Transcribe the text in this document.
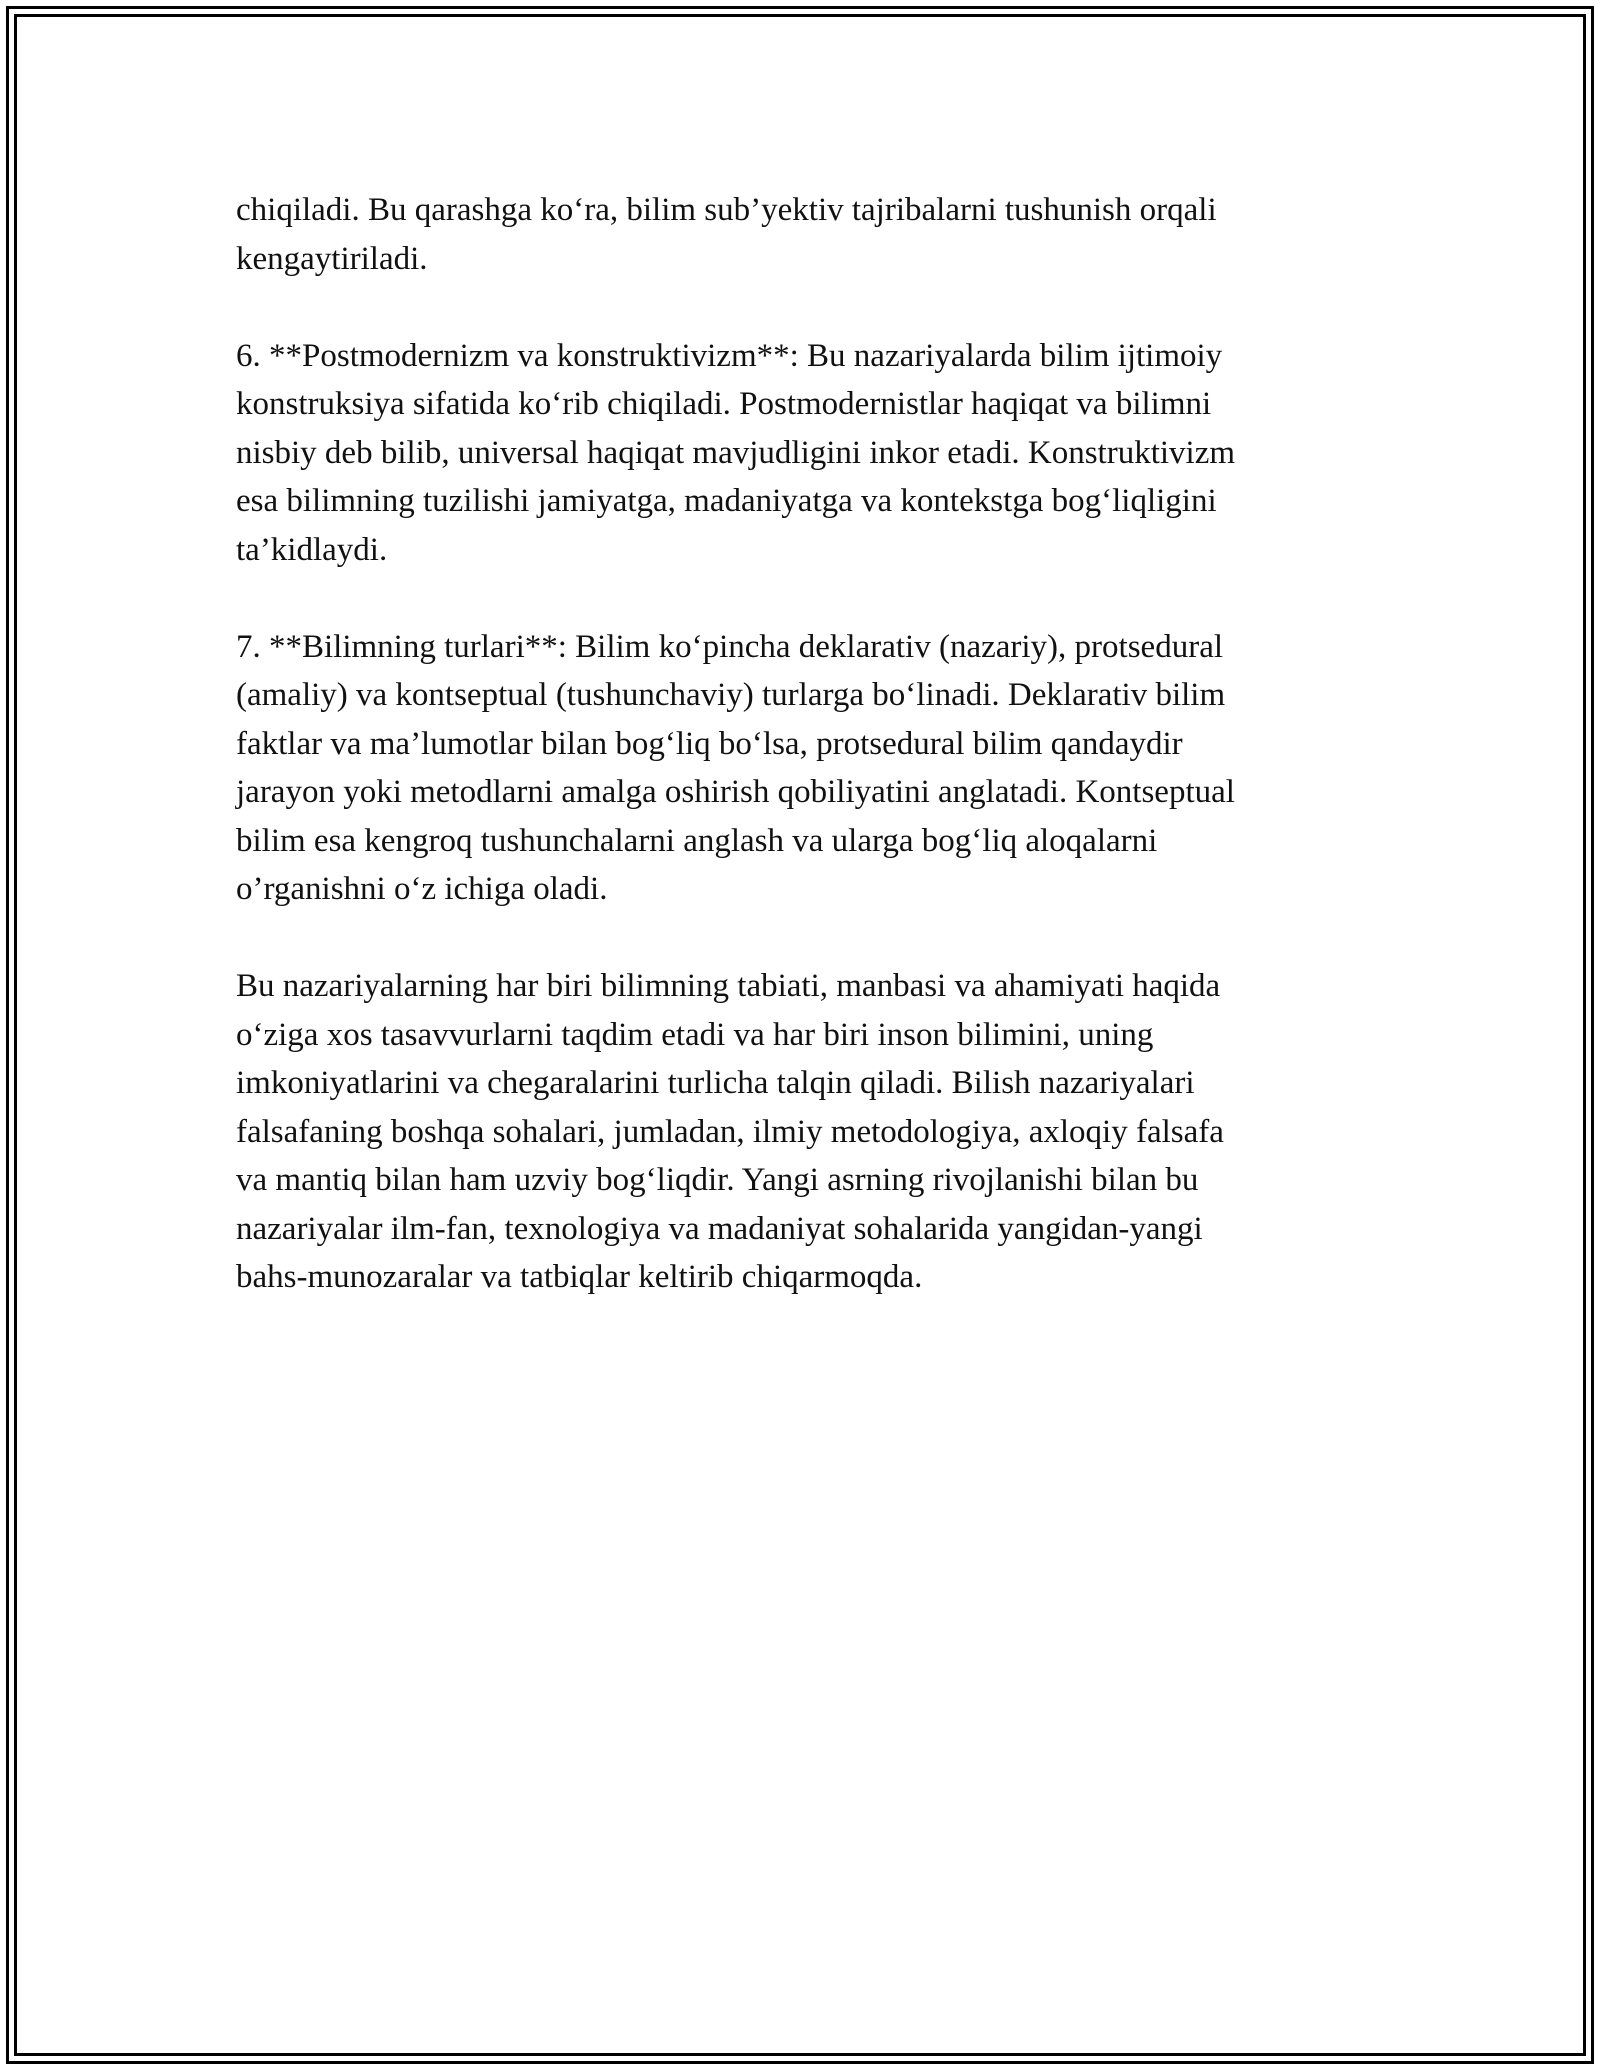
chiqiladi. Bu qarashga ko‘ra, bilim sub’yektiv tajribalarni tushunish orqali
kengaytiriladi.

6. **Postmodernizm va konstruktivizm**: Bu nazariyalarda bilim ijtimoiy
konstruksiya sifatida ko‘rib chiqiladi. Postmodernistlar haqiqat va bilimni
nisbiy deb bilib, universal haqiqat mavjudligini inkor etadi. Konstruktivizm
esa bilimning tuzilishi jamiyatga, madaniyatga va kontekstga bog‘liqligini
ta’kidlaydi.

7. **Bilimning turlari**: Bilim ko‘pincha deklarativ (nazariy), protsedural
(amaliy) va kontseptual (tushunchaviy) turlarga bo‘linadi. Deklarativ bilim
faktlar va ma’lumotlar bilan bog‘liq bo‘lsa, protsedural bilim qandaydir
jarayon yoki metodlarni amalga oshirish qobiliyatini anglatadi. Kontseptual
bilim esa kengroq tushunchalarni anglash va ularga bog‘liq aloqalarni
o’rganishni o‘z ichiga oladi.

Bu nazariyalarning har biri bilimning tabiati, manbasi va ahamiyati haqida
o‘ziga xos tasavvurlarni taqdim etadi va har biri inson bilimini, uning
imkoniyatlarini va chegaralarini turlicha talqin qiladi. Bilish nazariyalari
falsafaning boshqa sohalari, jumladan, ilmiy metodologiya, axloqiy falsafa
va mantiq bilan ham uzviy bog‘liqdir. Yangi asrning rivojlanishi bilan bu
nazariyalar ilm-fan, texnologiya va madaniyat sohalarida yangidan-yangi
bahs-munozaralar va tatbiqlar keltirib chiqarmoqda.
